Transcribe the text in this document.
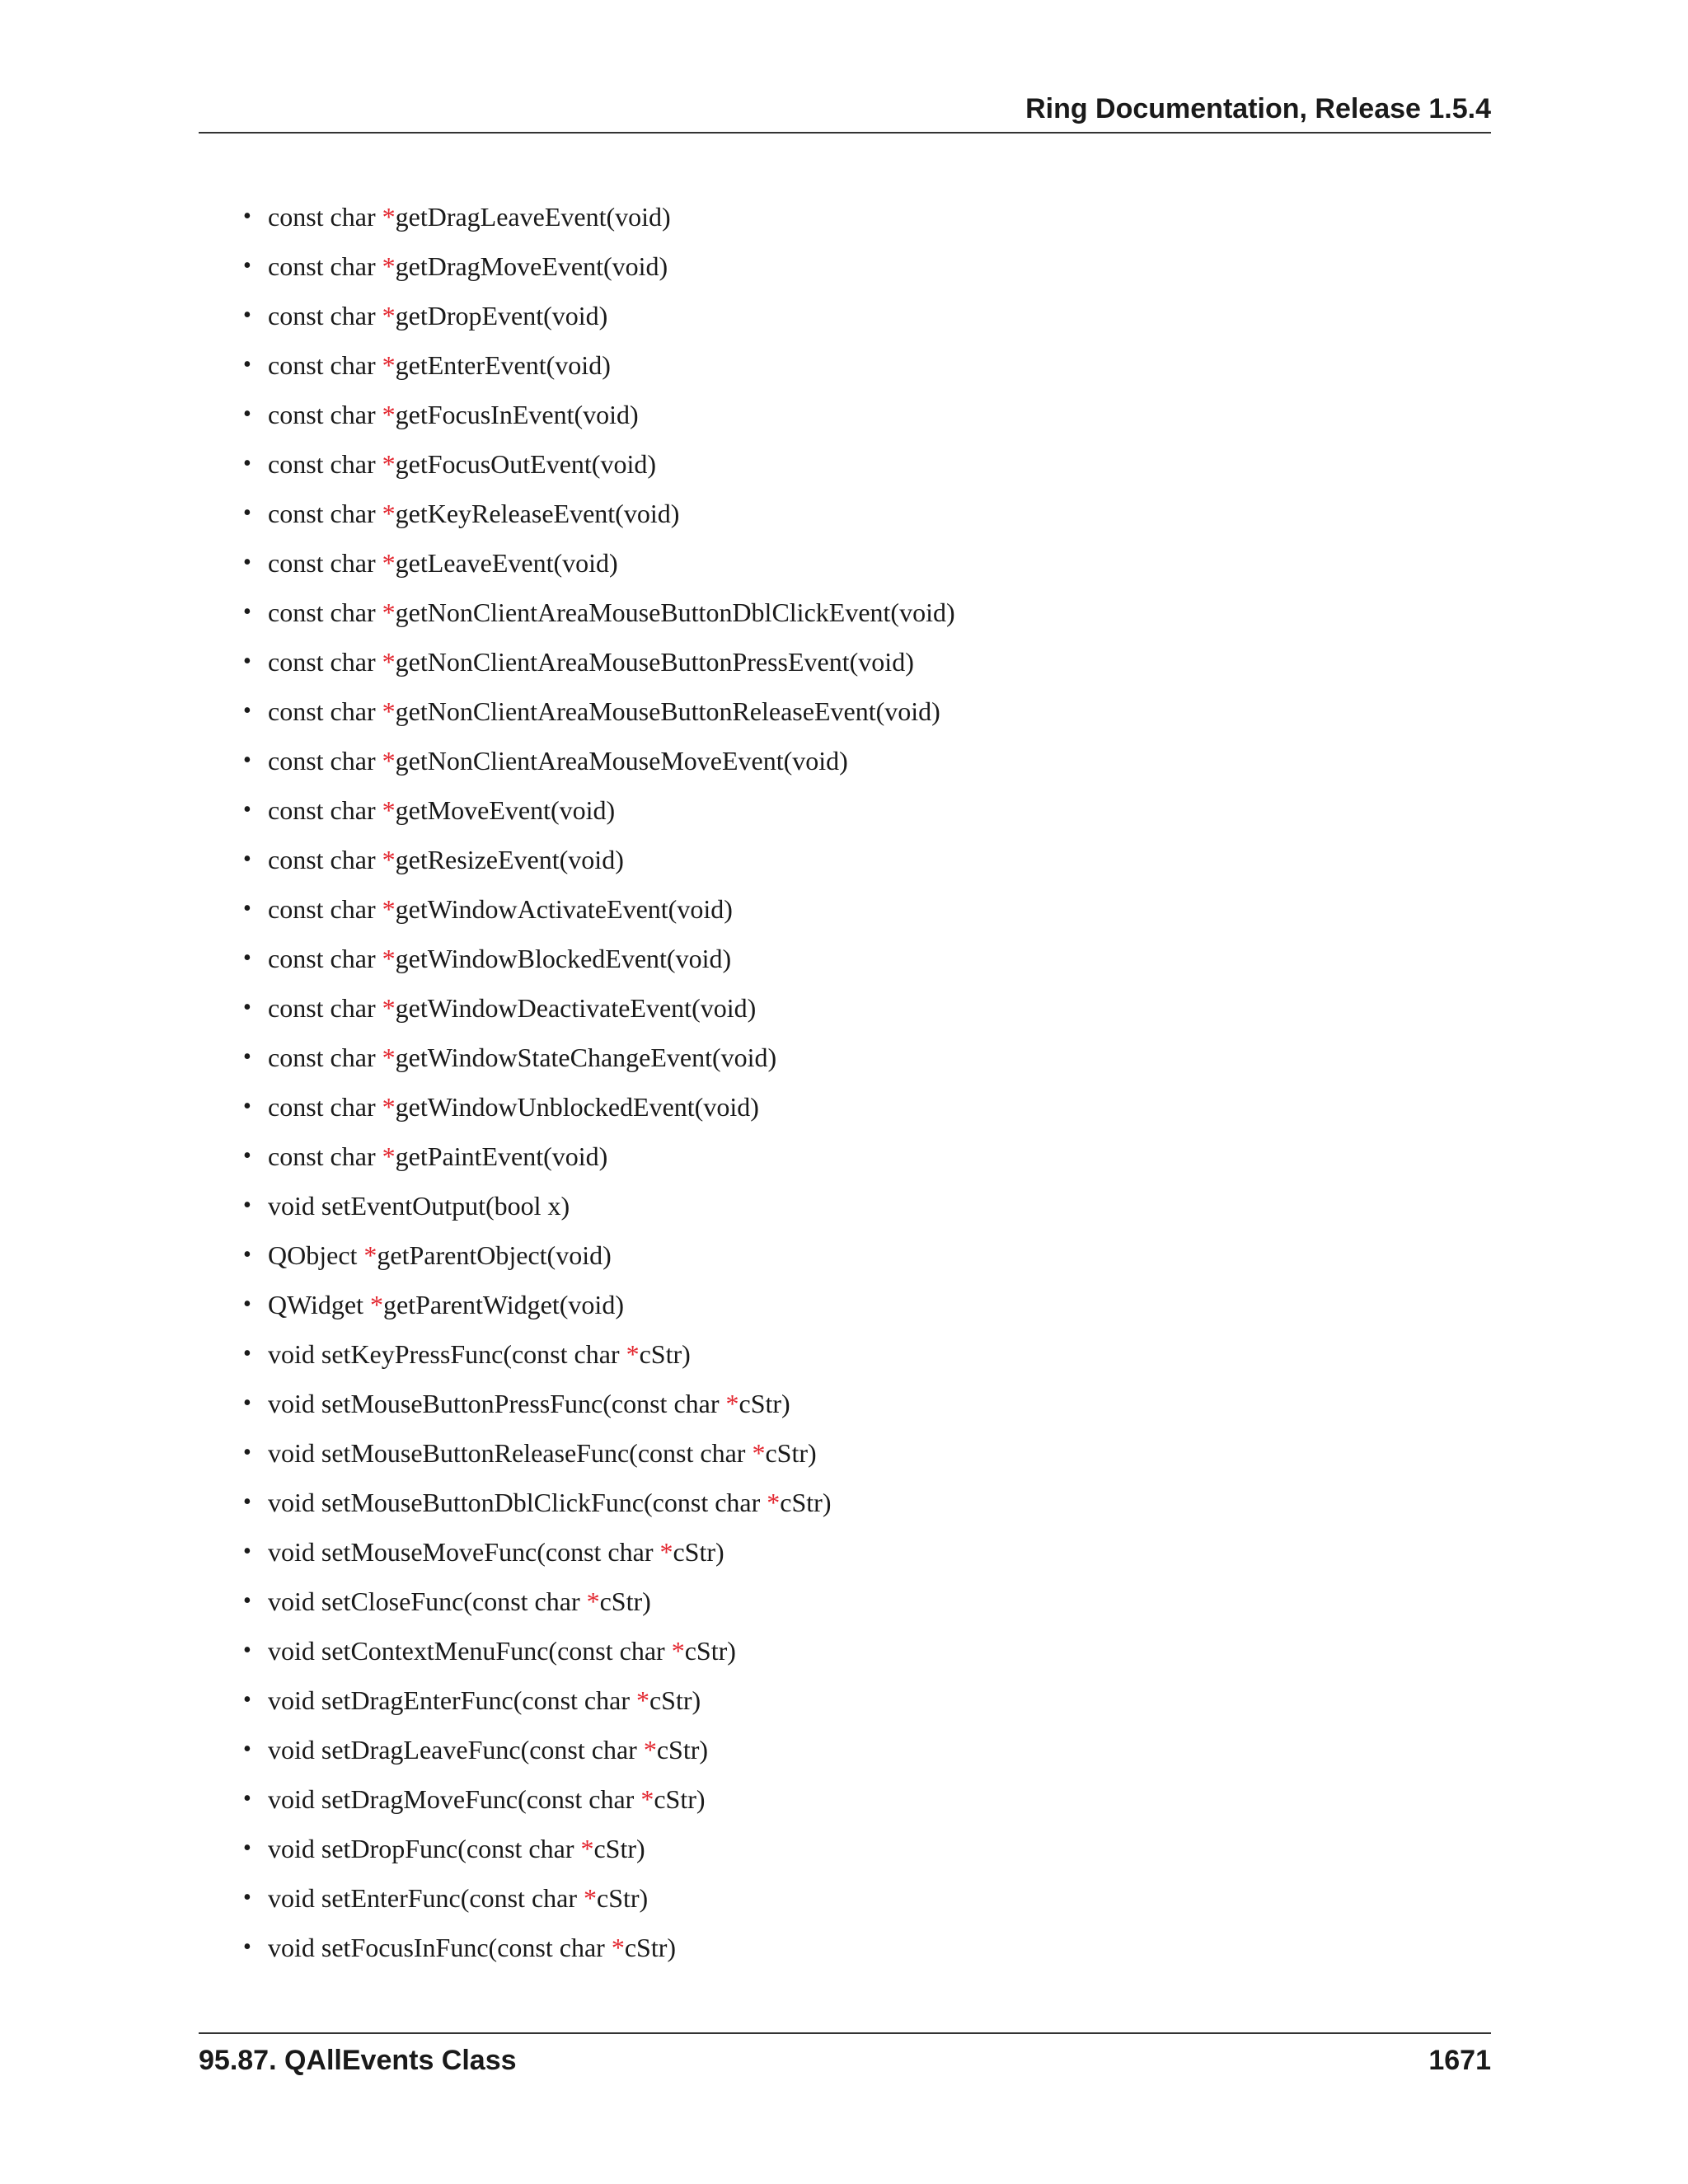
Ring Documentation, Release 1.5.4
• const char *getDragLeaveEvent(void)
• const char *getDragMoveEvent(void)
• const char *getDropEvent(void)
• const char *getEnterEvent(void)
• const char *getFocusInEvent(void)
• const char *getFocusOutEvent(void)
• const char *getKeyReleaseEvent(void)
• const char *getLeaveEvent(void)
• const char *getNonClientAreaMouseButtonDblClickEvent(void)
• const char *getNonClientAreaMouseButtonPressEvent(void)
• const char *getNonClientAreaMouseButtonReleaseEvent(void)
• const char *getNonClientAreaMouseMoveEvent(void)
• const char *getMoveEvent(void)
• const char *getResizeEvent(void)
• const char *getWindowActivateEvent(void)
• const char *getWindowBlockedEvent(void)
• const char *getWindowDeactivateEvent(void)
• const char *getWindowStateChangeEvent(void)
• const char *getWindowUnblockedEvent(void)
• const char *getPaintEvent(void)
• void setEventOutput(bool x)
• QObject *getParentObject(void)
• QWidget *getParentWidget(void)
• void setKeyPressFunc(const char *cStr)
• void setMouseButtonPressFunc(const char *cStr)
• void setMouseButtonReleaseFunc(const char *cStr)
• void setMouseButtonDblClickFunc(const char *cStr)
• void setMouseMoveFunc(const char *cStr)
• void setCloseFunc(const char *cStr)
• void setContextMenuFunc(const char *cStr)
• void setDragEnterFunc(const char *cStr)
• void setDragLeaveFunc(const char *cStr)
• void setDragMoveFunc(const char *cStr)
• void setDropFunc(const char *cStr)
• void setEnterFunc(const char *cStr)
• void setFocusInFunc(const char *cStr)
95.87. QAllEvents Class	1671
